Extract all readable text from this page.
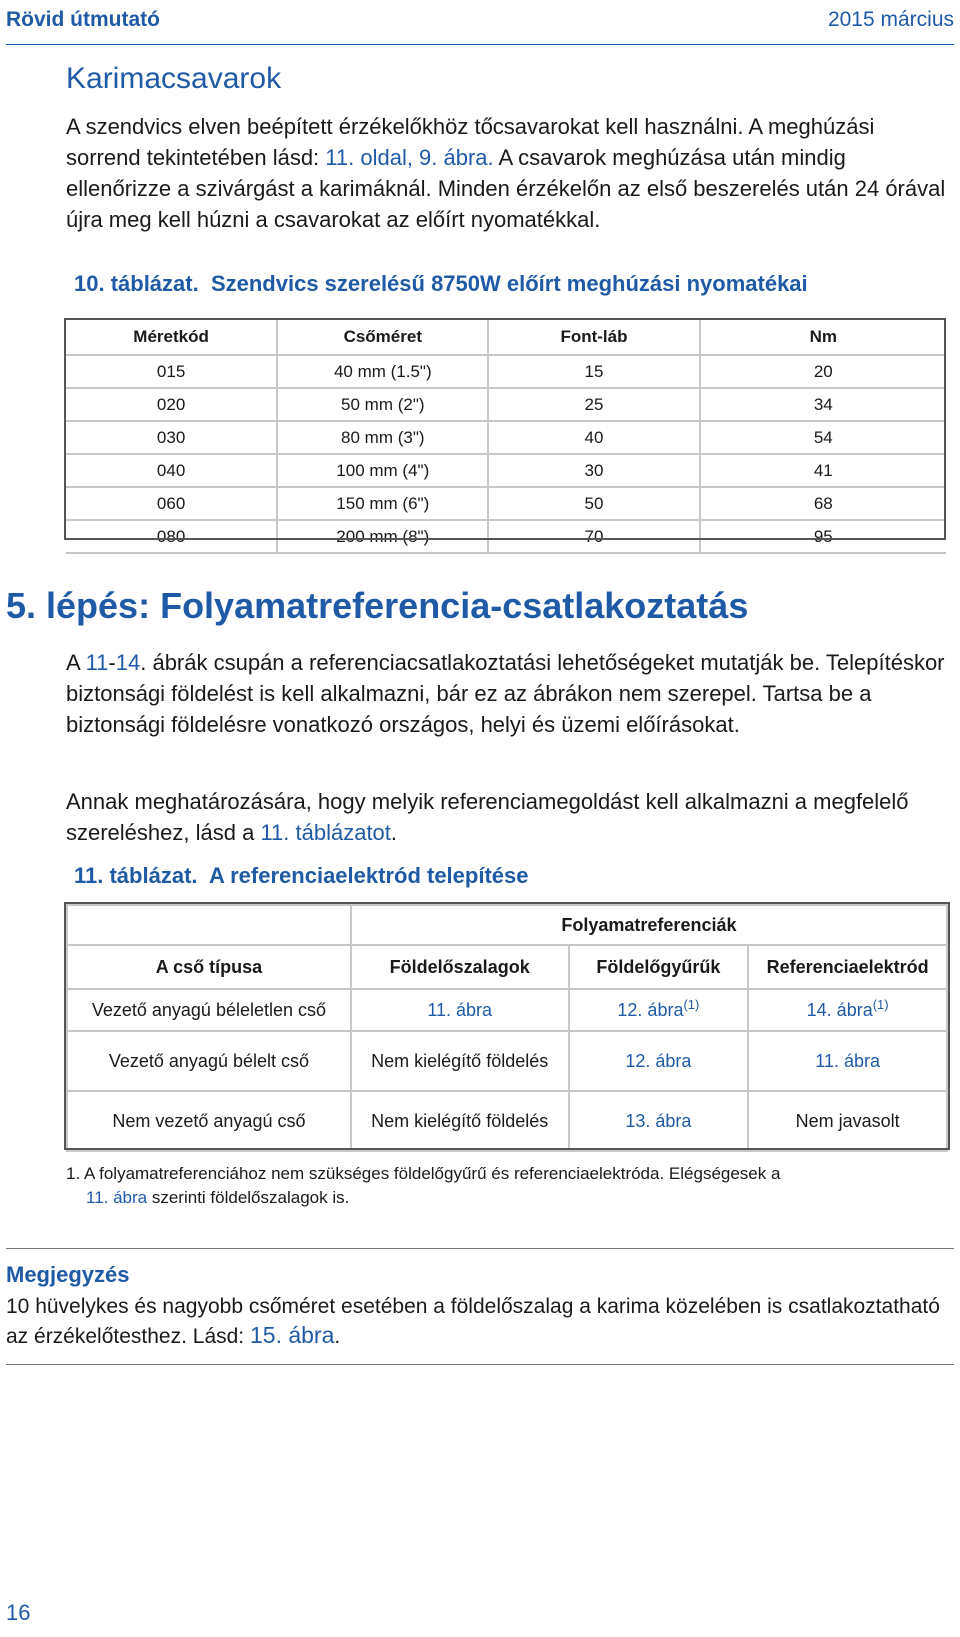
Rövid útmutató	2015 március
Karimacsavarok

A szendvics elven beépített érzékelőkhöz tőcsavarokat kell használni. A meghúzási sorrend tekintetében lásd: 11. oldal, 9. ábra. A csavarok meghúzása után mindig ellenőrizze a szivárgást a karimáknál. Minden érzékelőn az első beszerelés után 24 órával újra meg kell húzni a csavarokat az előírt nyomatékkal.

10. táblázat. Szendvics szerelésű 8750W előírt meghúzási nyomatékai
Méretkód	Csőméret	Font-láb	Nm
015	40 mm (1.5")	15	20
020	50 mm (2")	25	34
030	80 mm (3")	40	54
040	100 mm (4")	30	41
060	150 mm (6")	50	68
080	200 mm (8")	70	95
5. lépés: Folyamatreferencia-csatlakoztatás

A 11-14. ábrák csupán a referenciacsatlakoztatási lehetőségeket mutatják be. Telepítéskor biztonsági földelést is kell alkalmazni, bár ez az ábrákon nem szerepel. Tartsa be a biztonsági földelésre vonatkozó országos, helyi és üzemi előírásokat.

Annak meghatározására, hogy melyik referenciamegoldást kell alkalmazni a megfelelő szereléshez, lásd a 11. táblázatot.

11. táblázat. A referenciaelektród telepítése
	Folyamatreferenciák		
A cső típusa	Földelőszalagok	Földelőgyűrűk	Referenciaelektród
Vezető anyagú béleletlen cső	11. ábra	12. ábra$^{(1)}$	14. ábra$^{(1)}$
Vezető anyagú bélelt cső	Nem kielégítő földelés	12. ábra	11. ábra
Nem vezető anyagú cső	Nem kielégítő földelés	13. ábra	Nem javasolt
1. A folyamatreferenciához nem szükséges földelőgyűrű és referenciaelektróda. Elégségesek a
11. ábra szerinti földelőszalagok is.
Megjegyzés
10 hüvelykes és nagyobb csőméret esetében a földelőszalag a karima közelében is csatlakoztatható az érzékelőtesthez. Lásd: 15. ábra.
16
